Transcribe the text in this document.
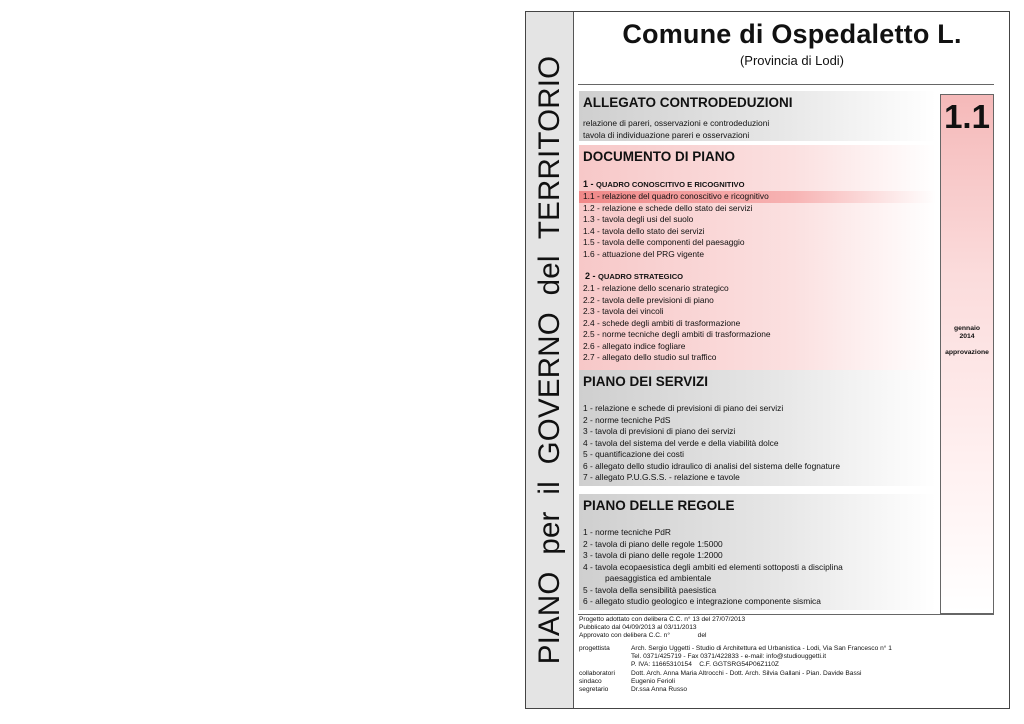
PIANO  per  il  GOVERNO  del  TERRITORIO
Comune di Ospedaletto L.
(Provincia di Lodi)
ALLEGATO CONTRODEDUZIONI
relazione di pareri, osservazioni e controdeduzioni
tavola di individuazione pareri e osservazioni
DOCUMENTO DI PIANO
1 - QUADRO CONOSCITIVO E RICOGNITIVO
1.1 - relazione del quadro conoscitivo e ricognitivo
1.2 - relazione e schede dello stato dei servizi
1.3 - tavola degli usi del suolo
1.4 - tavola dello stato dei servizi
1.5 - tavola delle componenti del paesaggio
1.6 - attuazione del PRG vigente
2 - QUADRO STRATEGICO
2.1 - relazione dello scenario strategico
2.2 - tavola delle previsioni di piano
2.3 - tavola dei vincoli
2.4 - schede degli ambiti di trasformazione
2.5 - norme tecniche degli ambiti di trasformazione
2.6 - allegato indice fogliare
2.7 - allegato dello studio sul traffico
PIANO DEI SERVIZI
1 - relazione e schede di previsioni di piano dei servizi
2 - norme tecniche PdS
3 - tavola di previsioni di piano dei servizi
4 - tavola del sistema del verde e della viabilità dolce
5 - quantificazione dei costi
6 - allegato dello studio idraulico di analisi del sistema delle fognature
7 - allegato P.U.G.S.S. - relazione e tavole
PIANO DELLE REGOLE
1 - norme tecniche PdR
2 - tavola di piano delle regole 1:5000
3 - tavola di piano delle regole 1:2000
4 - tavola ecopaesistica degli ambiti ed elementi sottoposti a disciplina
paesaggistica ed ambientale
5 - tavola della sensibilità paesistica
6 - allegato studio geologico e integrazione componente sismica
1.1
gennaio
2014
approvazione
Progetto adottato con delibera C.C. n° 13 del 27/07/2013
Pubblicato dal 04/09/2013 al 03/11/2013
Approvato con delibera C.C. n°	del
progettista	Arch. Sergio Uggetti - Studio di Architettura ed Urbanistica - Lodi, Via San Francesco n° 1
Tel. 0371/425719 - Fax 0371/422833 - e-mail: info@studiouggetti.it
P. IVA: 11665310154    C.F. GGTSRG54P06Z110Z
collaboratori	Dott. Arch. Anna Maria Altrocchi - Dott. Arch. Silvia Gallani - Pian. Davide Bassi
sindaco	Eugenio Ferioli
segretario	Dr.ssa Anna Russo
